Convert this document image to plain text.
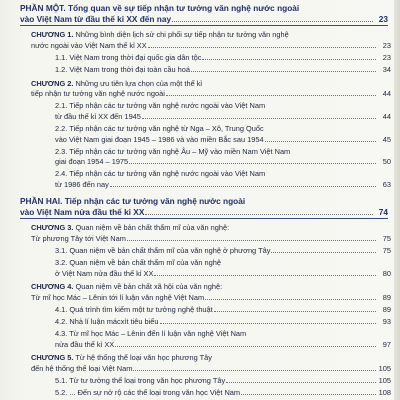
PHẦN MỘT. Tổng quan về sự tiếp nhận tư tưởng văn nghệ nước ngoài
vào Việt Nam từ đầu thế kỉ XX đến nay	23
CHƯƠNG 1. Những bình diện lịch sử chi phối sự tiếp nhận tư tưởng văn nghệ
nước ngoài vào Việt Nam thế kỉ XX	23
1.1. Việt Nam trong thời đại quốc gia dân tộc	23
1.2. Việt Nam trong thời đại toàn cầu hoá	34
CHƯƠNG 2. Những ưu tiên lựa chọn của một thế kỉ
tiếp nhận tư tưởng văn nghệ nước ngoài	44
2.1. Tiếp nhận các tư tưởng văn nghệ nước ngoài vào Việt Nam
từ đầu thế kỉ XX đến 1945	44
2.2. Tiếp nhận các tư tưởng văn nghệ từ Nga – Xô, Trung Quốc
vào Việt Nam giai đoạn 1945 – 1986 và vào miền Bắc sau 1954	45
2.3. Tiếp nhận các tư tưởng văn nghệ Âu – Mỹ vào miền Nam Việt Nam
giai đoạn 1954 – 1975	50
2.4. Tiếp nhận các tư tưởng văn nghệ nước ngoài vào Việt Nam
từ 1986 đến nay	63
PHẦN HAI. Tiếp nhận các tư tưởng văn nghệ nước ngoài
vào Việt Nam nửa đầu thế kỉ XX	74
CHƯƠNG 3. Quan niệm về bản chất thẩm mĩ của văn nghệ:
Từ phương Tây tới Việt Nam	75
3.1. Quan niệm về bản chất thẩm mĩ của văn nghệ ở phương Tây	75
3.2. Quan niệm về bản chất thẩm mĩ của văn nghệ
ở Việt Nam nửa đầu thế kỉ XX	80
CHƯƠNG 4. Quan niệm về bản chất xã hội của văn nghệ:
Từ mĩ học Mác – Lênin tới lí luận văn nghệ Việt Nam	89
4.1. Quá trình tìm kiếm một tư tưởng nghệ thuật	89
4.2. Nhà lí luận mácxít tiêu biểu	93
4.3. Từ mĩ học Mác – Lênin đến lí luận văn nghệ Việt Nam
nửa đầu thế kỉ XX	97
CHƯƠNG 5. Từ hệ thống thể loại văn học phương Tây
đến hệ thống thể loại Việt Nam	105
5.1. Từ tư tưởng thể loại trong văn học phương Tây	105
5.2. ... Đến sự nở rộ các thể loại trong văn học Việt Nam	108
